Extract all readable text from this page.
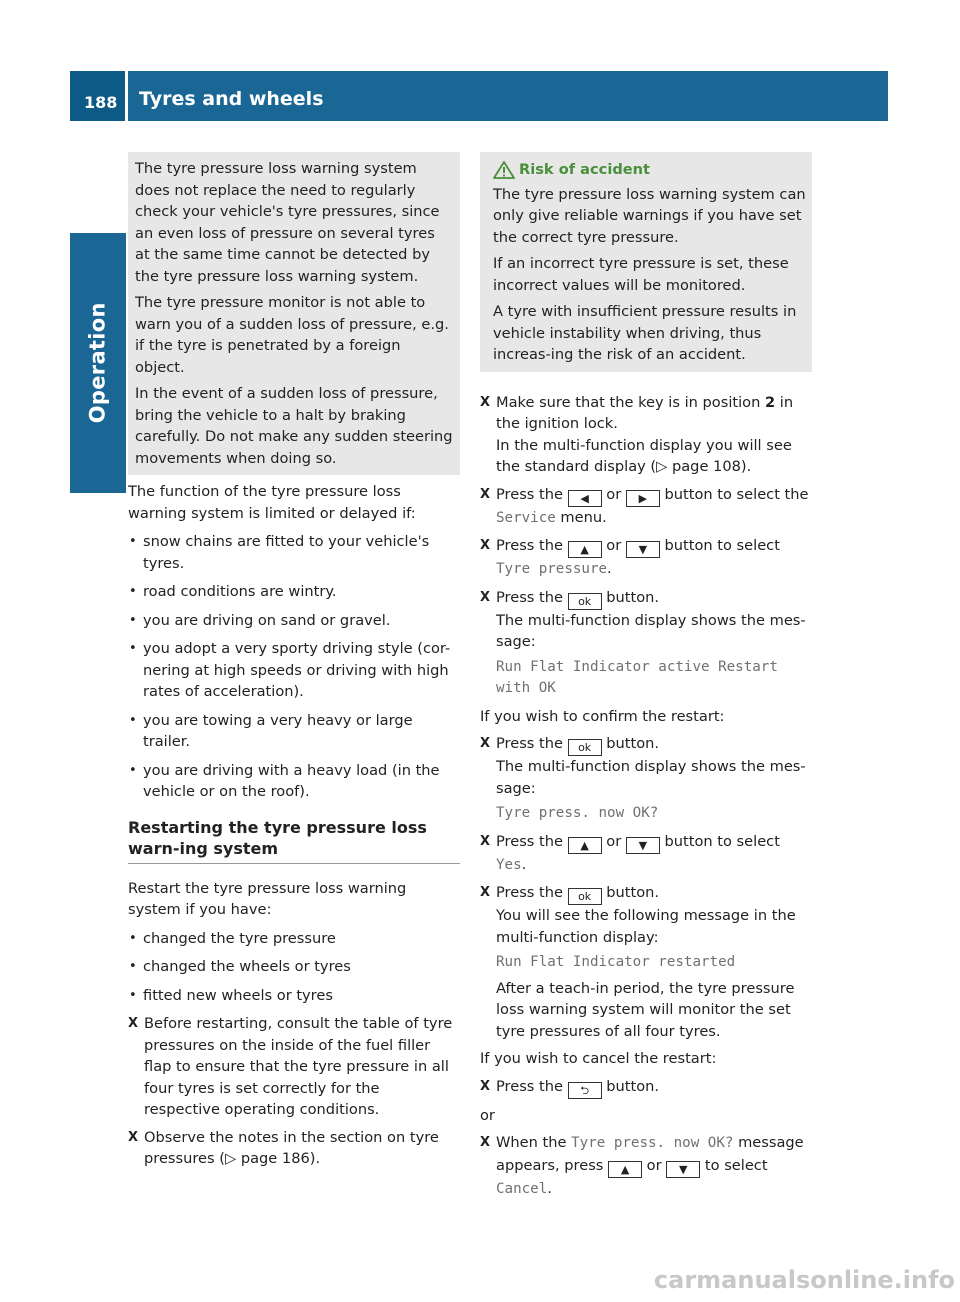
188 Tyres and wheels
Operation

The tyre pressure loss warning system does not replace the need to regularly check your vehicle's tyre pressures, since an even loss of pressure on several tyres at the same time cannot be detected by the tyre pressure loss warning system.

The tyre pressure monitor is not able to warn you of a sudden loss of pressure, e.g. if the tyre is penetrated by a foreign object.

In the event of a sudden loss of pressure, bring the vehicle to a halt by braking carefully. Do not make any sudden steering movements when doing so.

The function of the tyre pressure loss warning system is limited or delayed if:

• snow chains are fitted to your vehicle's tyres.
• road conditions are wintry.
• you are driving on sand or gravel.
• you adopt a very sporty driving style (cor-nering at high speeds or driving with high rates of acceleration).
• you are towing a very heavy or large trailer.
• you are driving with a heavy load (in the vehicle or on the roof).
Restarting the tyre pressure loss warn-ing system

Restart the tyre pressure loss warning system if you have:

• changed the tyre pressure
• changed the wheels or tyres
• fitted new wheels or tyres
X Before restarting, consult the table of tyre pressures on the inside of the fuel filler flap to ensure that the tyre pressure in all four tyres is set correctly for the respective operating conditions.
X Observe the notes in the section on tyre pressures (▷ page 186).
Risk of accident

The tyre pressure loss warning system can only give reliable warnings if you have set the correct tyre pressure.

If an incorrect tyre pressure is set, these incorrect values will be monitored.

A tyre with insufficient pressure results in vehicle instability when driving, thus increas-ing the risk of an accident.

X Make sure that the key is in position 2 in the ignition lock.
In the multi-function display you will see the standard display (▷ page 108).
X Press the ◀ or ▶ button to select the Service menu.
X Press the ▲ or ▼ button to select
Tyre pressure.
X Press the ok button.
The multi-function display shows the mes-sage:

Run Flat Indicator active Restart with OK

If you wish to confirm the restart:

X Press the ok button.
The multi-function display shows the mes-sage:

Tyre press. now OK?
X Press the ▲ or ▼ button to select
Yes.
X Press the ok button.
You will see the following message in the multi-function display:

Run Flat Indicator restarted
After a teach-in period, the tyre pressure loss warning system will monitor the set tyre pressures of all four tyres.

If you wish to cancel the restart:

X Press the ⮌ button.

or

X When the Tyre press. now OK? message appears, press ▲ or ▼ to select
Cancel.
carmanualsonline.info
